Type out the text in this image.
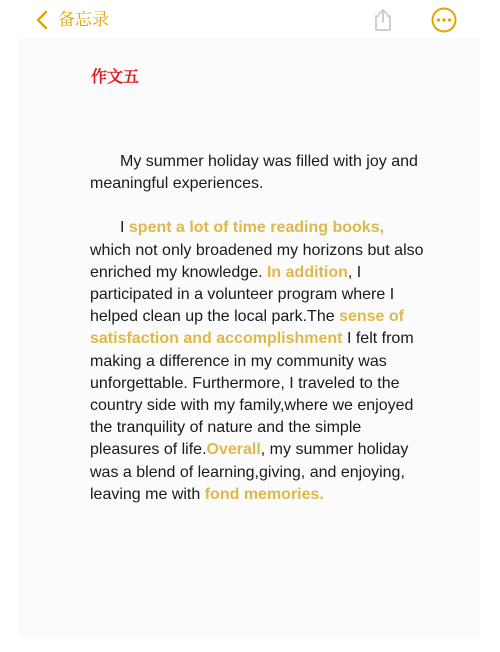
备忘录
作文五

My summer holiday was filled with joy and meaningful experiences.

I spent a lot of time reading books, which not only broadened my horizons but also enriched my knowledge. In addition, I participated in a volunteer program where I helped clean up the local park.The sense of satisfaction and accomplishment I felt from making a difference in my community was unforgettable. Furthermore, I traveled to the country side with my family,where we enjoyed the tranquility of nature and the simple pleasures of life.Overall, my summer holiday was a blend of learning,giving, and enjoying, leaving me with fond memories.
